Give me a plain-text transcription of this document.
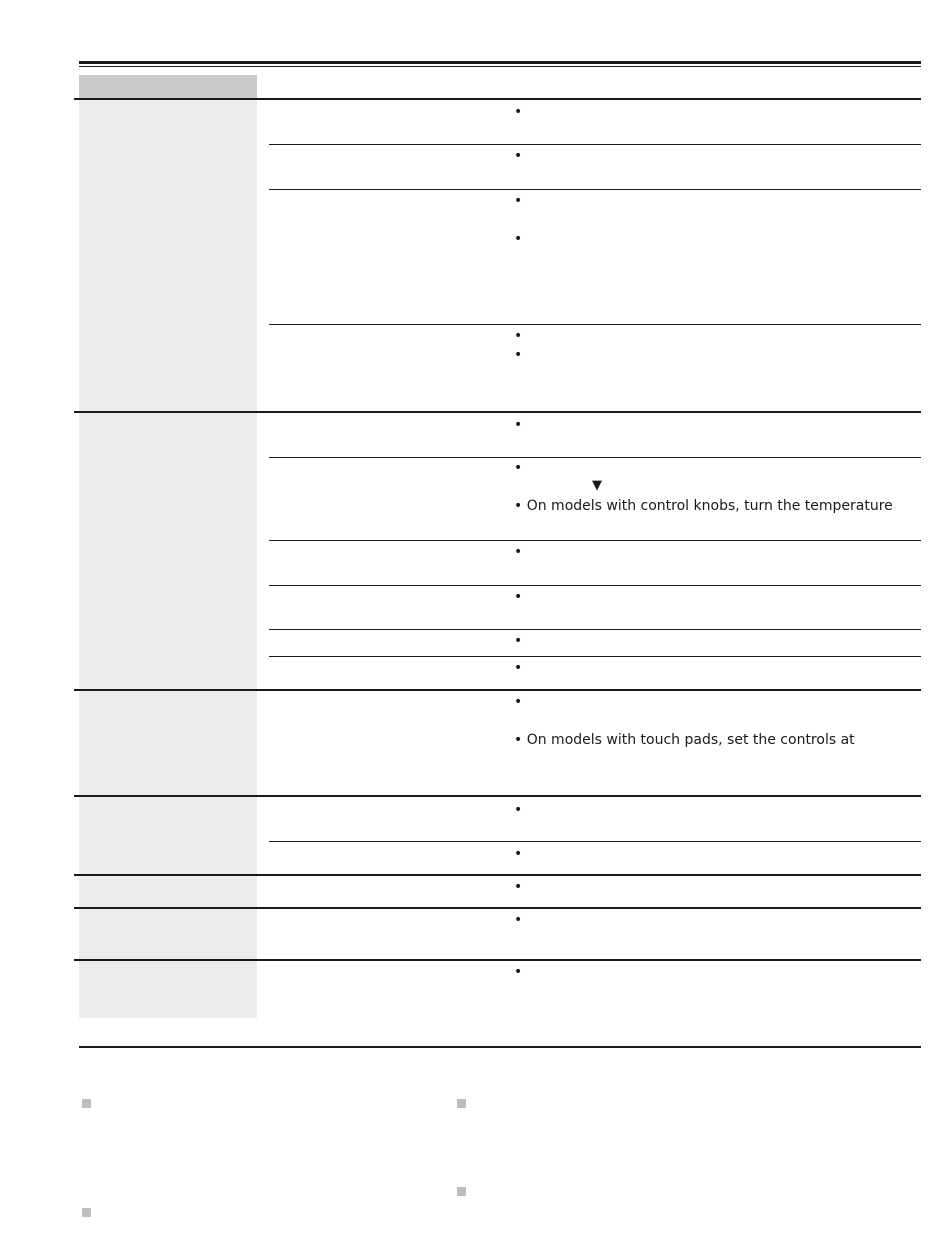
•
•
•
•
•
•
•
•
▼
• On models with control knobs, turn the temperature
•
•
•
•
•
• On models with touch pads, set the controls at
•
•
•
•
•
